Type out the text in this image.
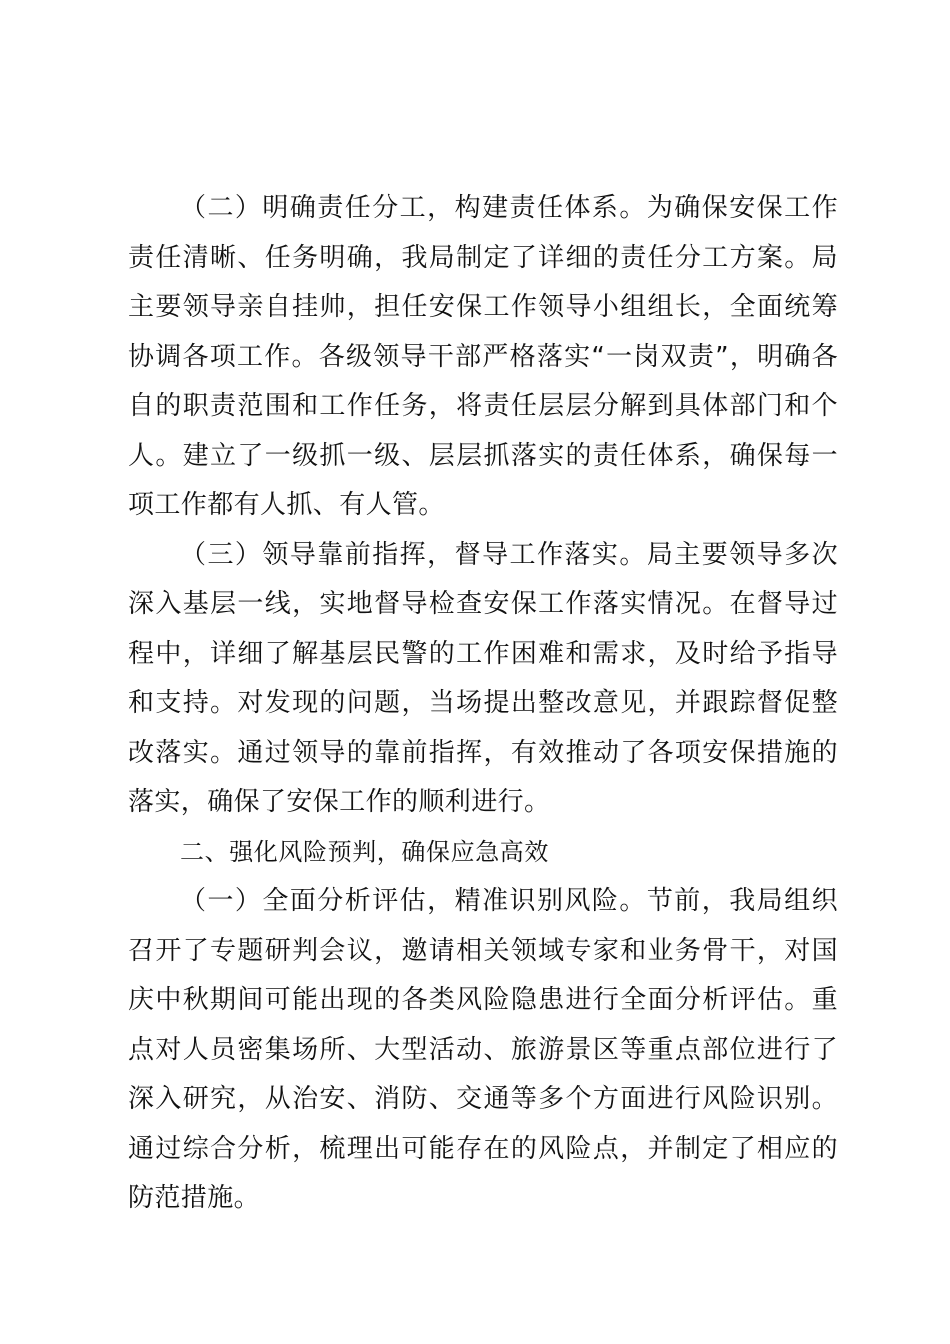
（二）明确责任分工，构建责任体系。为确保安保工作责任清晰、任务明确，我局制定了详细的责任分工方案。局主要领导亲自挂帅，担任安保工作领导小组组长，全面统筹协调各项工作。各级领导干部严格落实“一岗双责”，明确各自的职责范围和工作任务，将责任层层分解到具体部门和个人。建立了一级抓一级、层层抓落实的责任体系，确保每一项工作都有人抓、有人管。

（三）领导靠前指挥，督导工作落实。局主要领导多次深入基层一线，实地督导检查安保工作落实情况。在督导过程中，详细了解基层民警的工作困难和需求，及时给予指导和支持。对发现的问题，当场提出整改意见，并跟踪督促整改落实。通过领导的靠前指挥，有效推动了各项安保措施的落实，确保了安保工作的顺利进行。

二、强化风险预判，确保应急高效

（一）全面分析评估，精准识别风险。节前，我局组织召开了专题研判会议，邀请相关领域专家和业务骨干，对国庆中秋期间可能出现的各类风险隐患进行全面分析评估。重点对人员密集场所、大型活动、旅游景区等重点部位进行了深入研究，从治安、消防、交通等多个方面进行风险识别。通过综合分析，梳理出可能存在的风险点，并制定了相应的防范措施。
